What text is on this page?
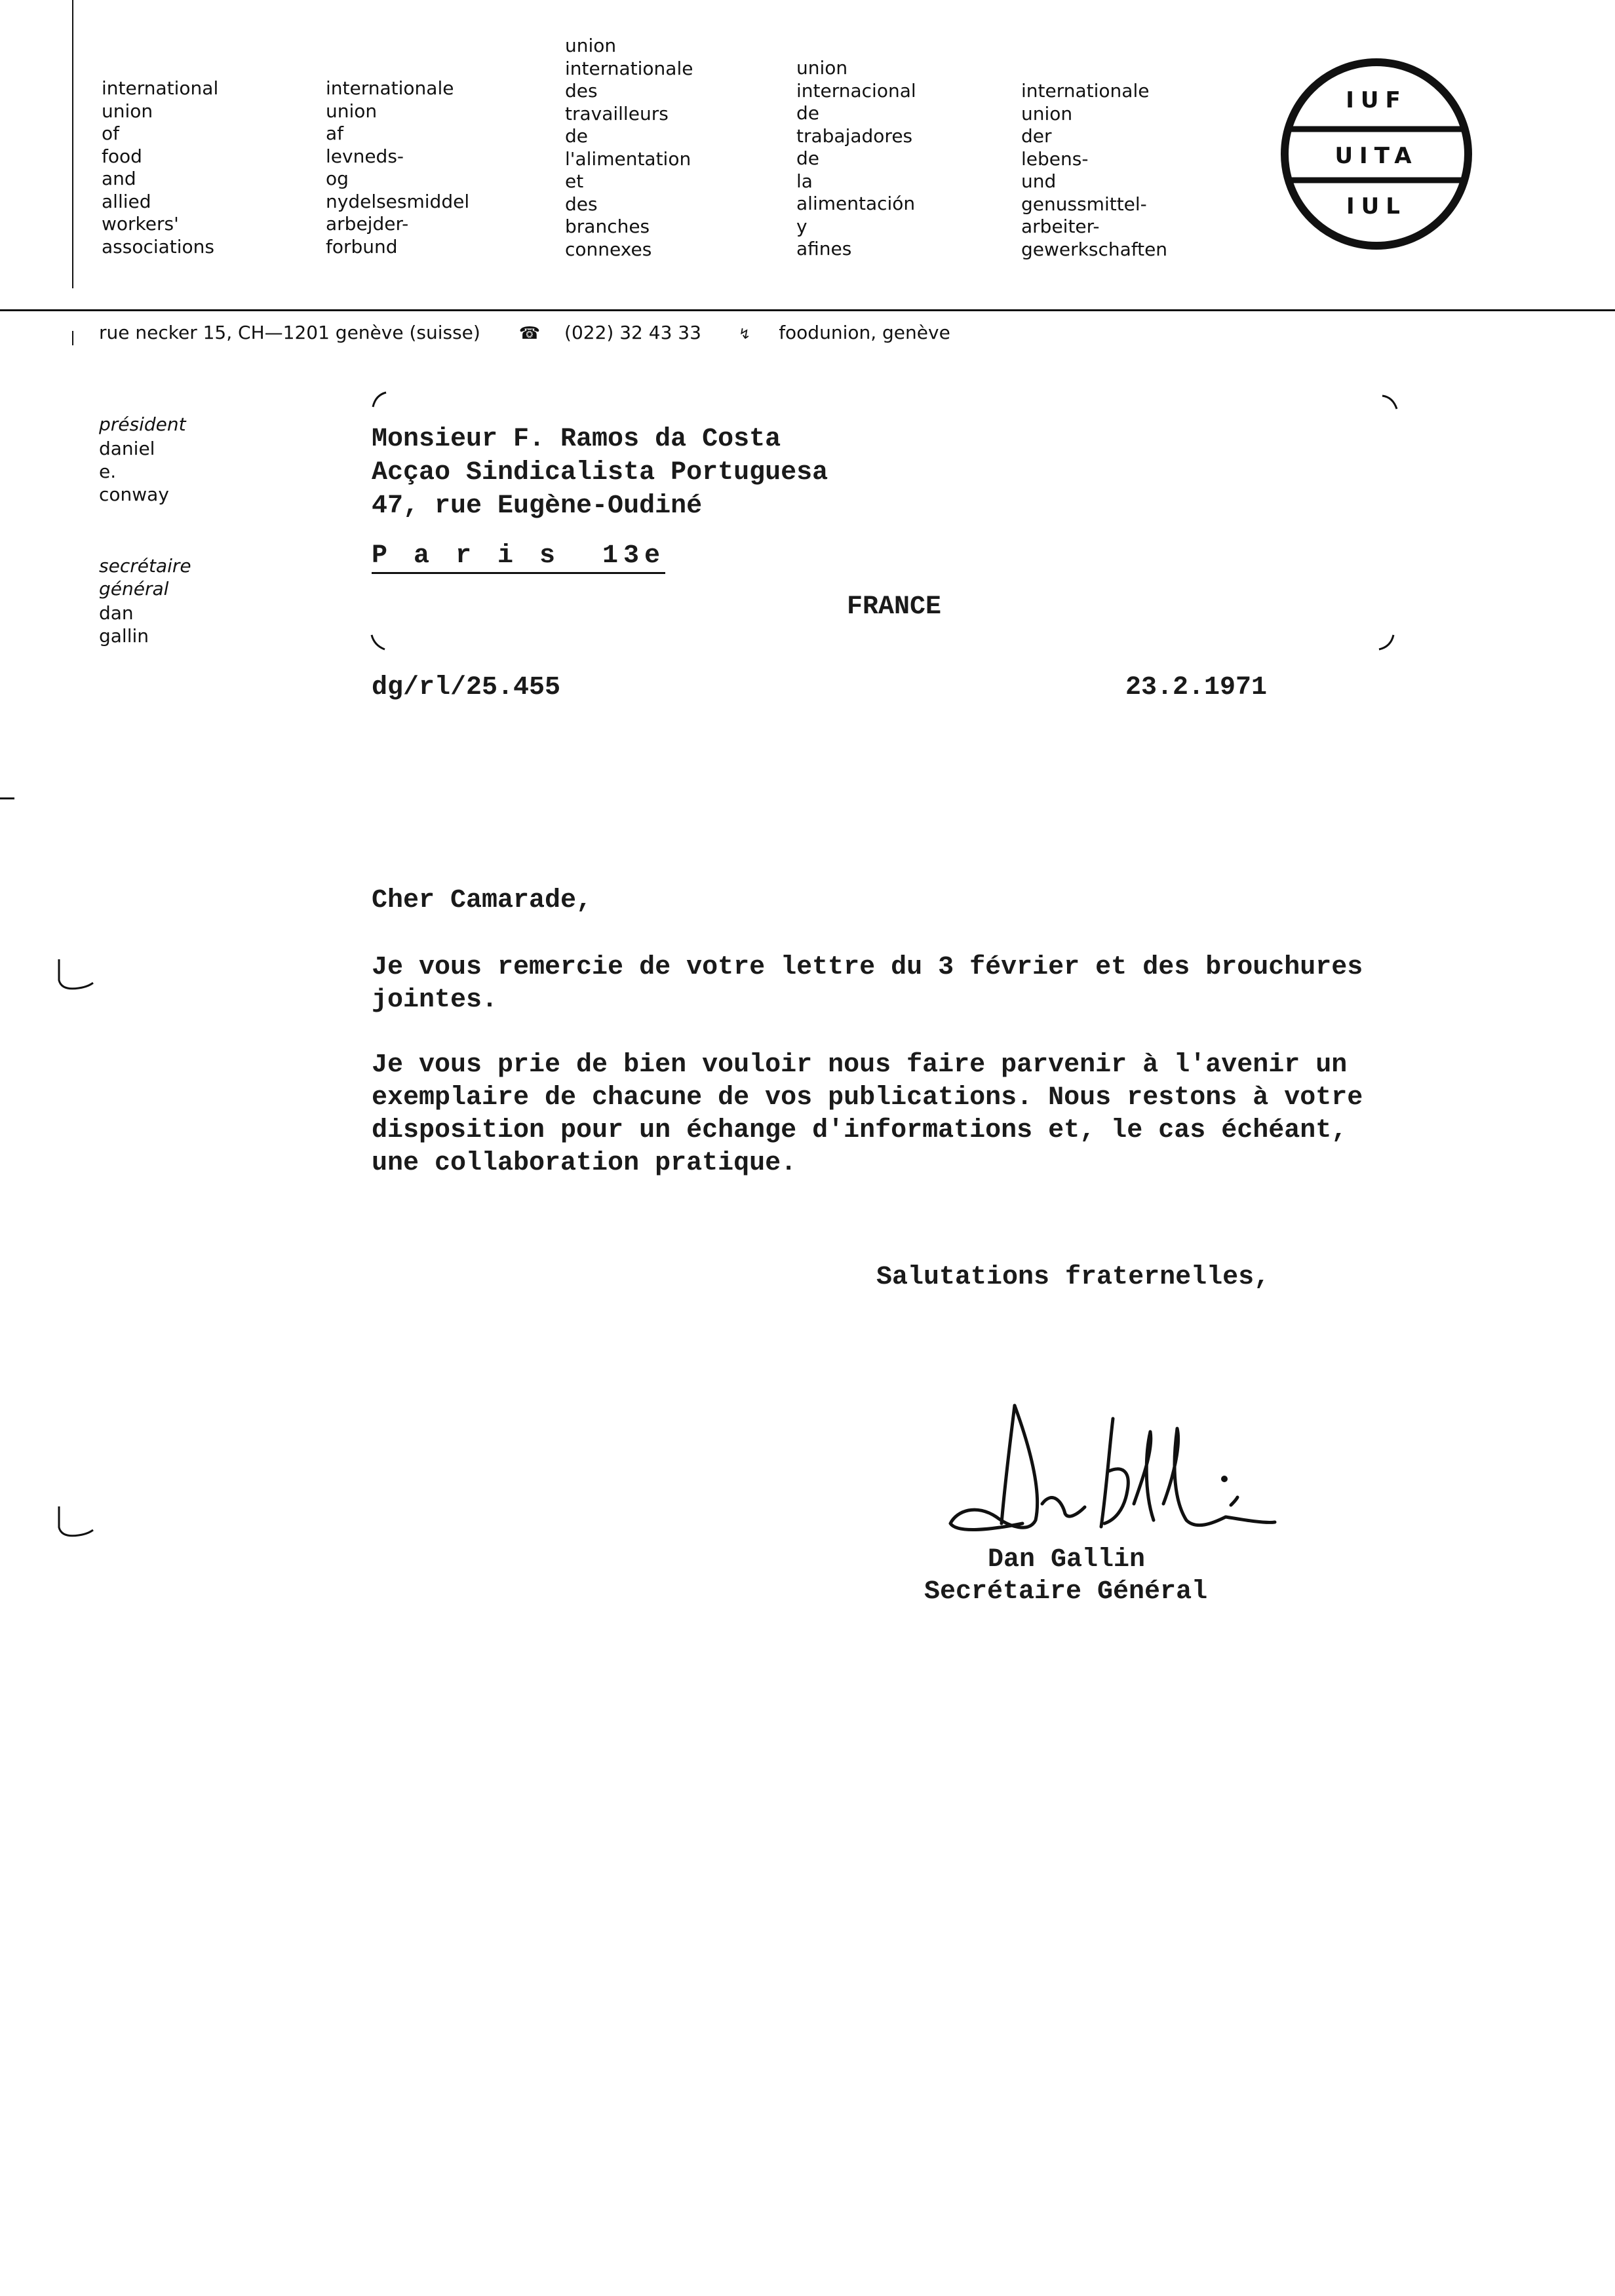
international
union
of
food
and
allied
workers'
associations
internationale
union
af
levneds-
og
nydelsesmiddel
arbejder-
forbund
union
internationale
des
travailleurs
de
l'alimentation
et
des
branches
connexes
union
internacional
de
trabajadores
de
la
alimentación
y
afines
internationale
union
der
lebens-
und
genussmittel-
arbeiter-
gewerkschaften
IUF
UITA
IUL
rue necker 15, CH—1201 genève (suisse) ☎ (022) 32 43 33	↯ foodunion, genève
président
daniel
e.
conway
secrétaire
général
dan
gallin
Monsieur F. Ramos da Costa
Acçao Sindicalista Portuguesa
47, rue Eugène-Oudiné
P a r i s  13e
FRANCE
dg/rl/25.455	23.2.1971
Cher Camarade,
Je vous remercie de votre lettre du 3 février et des brouchures
jointes.
Je vous prie de bien vouloir nous faire parvenir à l'avenir un
exemplaire de chacune de vos publications. Nous restons à votre
disposition pour un échange d'informations et, le cas échéant,
une collaboration pratique.
Salutations fraternelles,
Dan Gallin
Secrétaire Général
